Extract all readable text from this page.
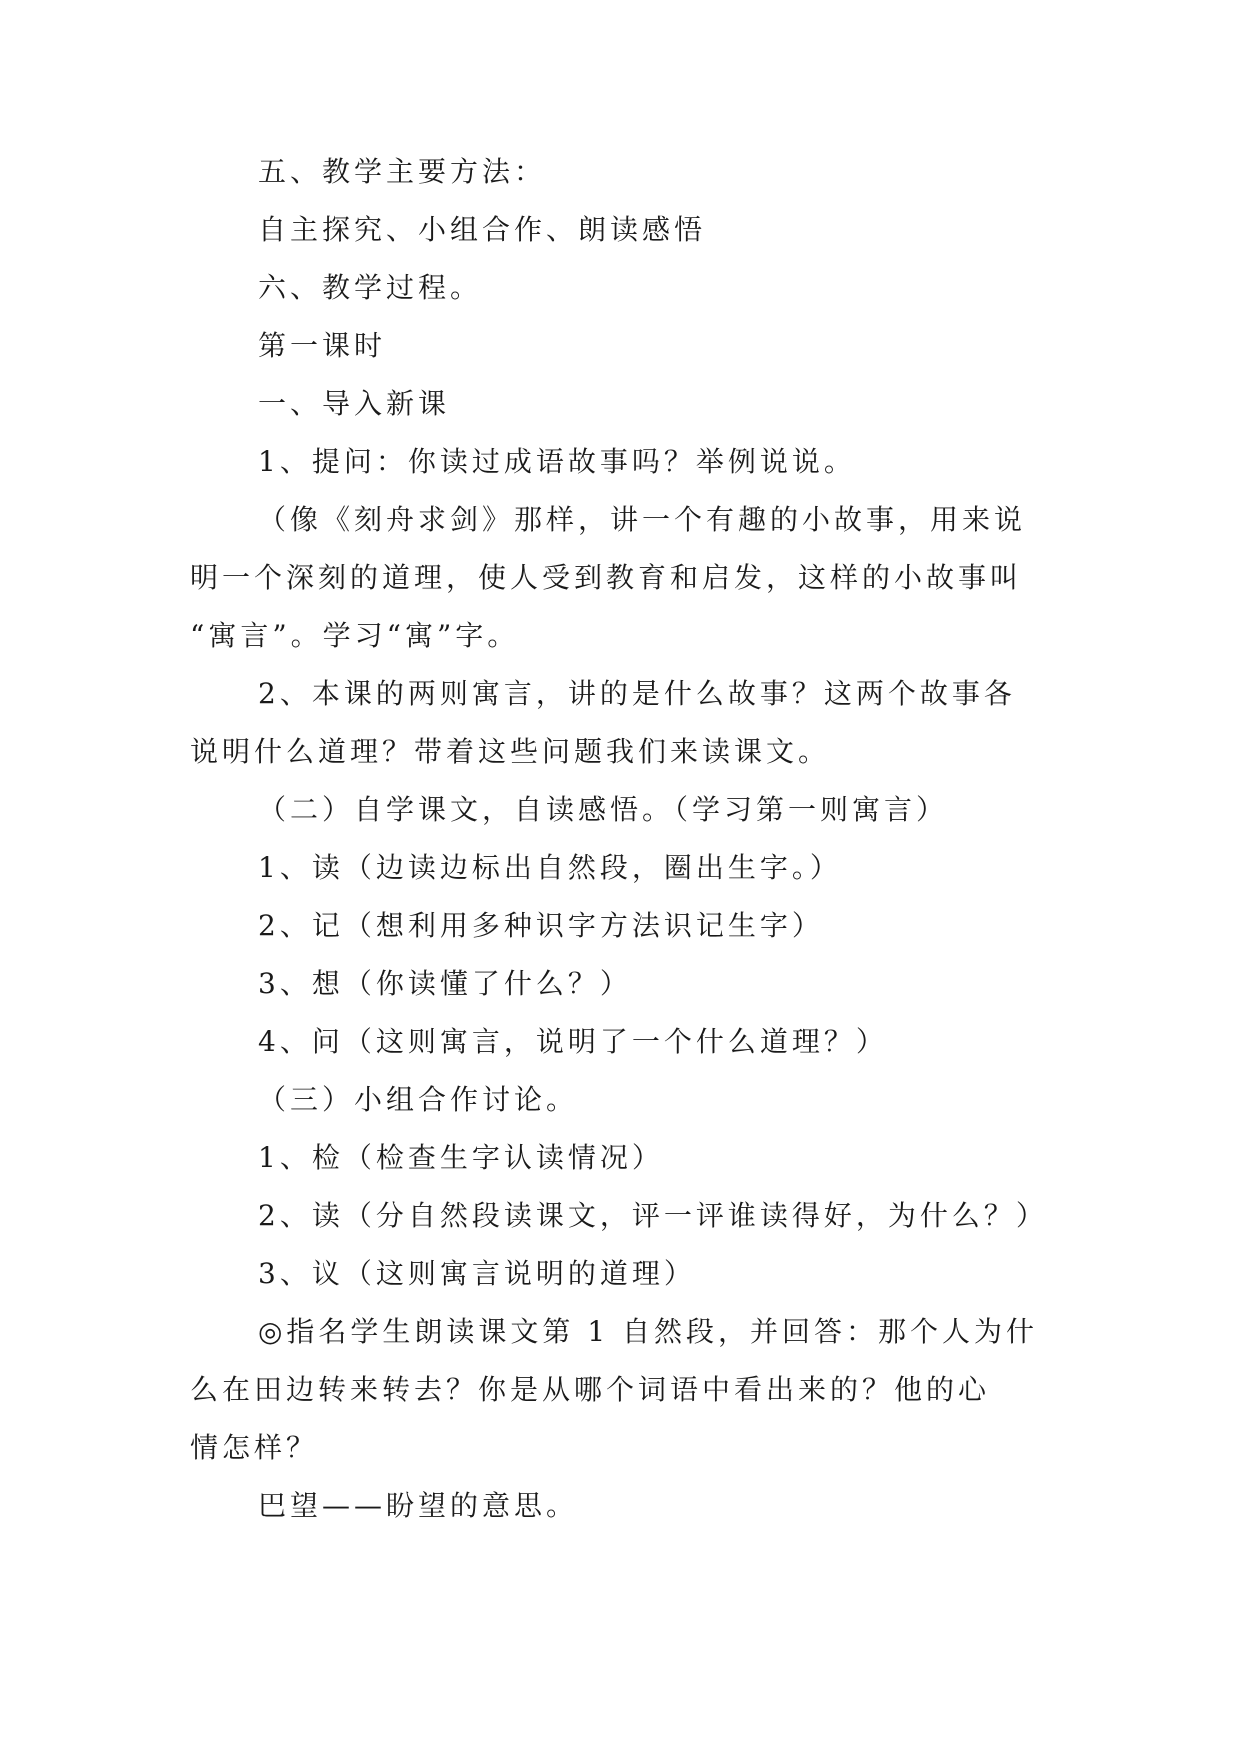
五、教学主要方法：
自主探究、小组合作、朗读感悟
六、教学过程。
第一课时
一、导入新课
1、提问：你读过成语故事吗？举例说说。
（像《刻舟求剑》那样，讲一个有趣的小故事，用来说
明一个深刻的道理，使人受到教育和启发，这样的小故事叫
“寓言”。学习“寓”字。
2、本课的两则寓言，讲的是什么故事？这两个故事各
说明什么道理？带着这些问题我们来读课文。
（二）自学课文，自读感悟。（学习第一则寓言）
1、读（边读边标出自然段，圈出生字。）
2、记（想利用多种识字方法识记生字）
3、想（你读懂了什么？）
4、问（这则寓言，说明了一个什么道理？）
（三）小组合作讨论。
1、检（检查生字认读情况）
2、读（分自然段读课文，评一评谁读得好，为什么？）
3、议（这则寓言说明的道理）
◎指名学生朗读课文第 1 自然段，并回答：那个人为什
么在田边转来转去？你是从哪个词语中看出来的？他的心
情怎样？
巴望——盼望的意思。
